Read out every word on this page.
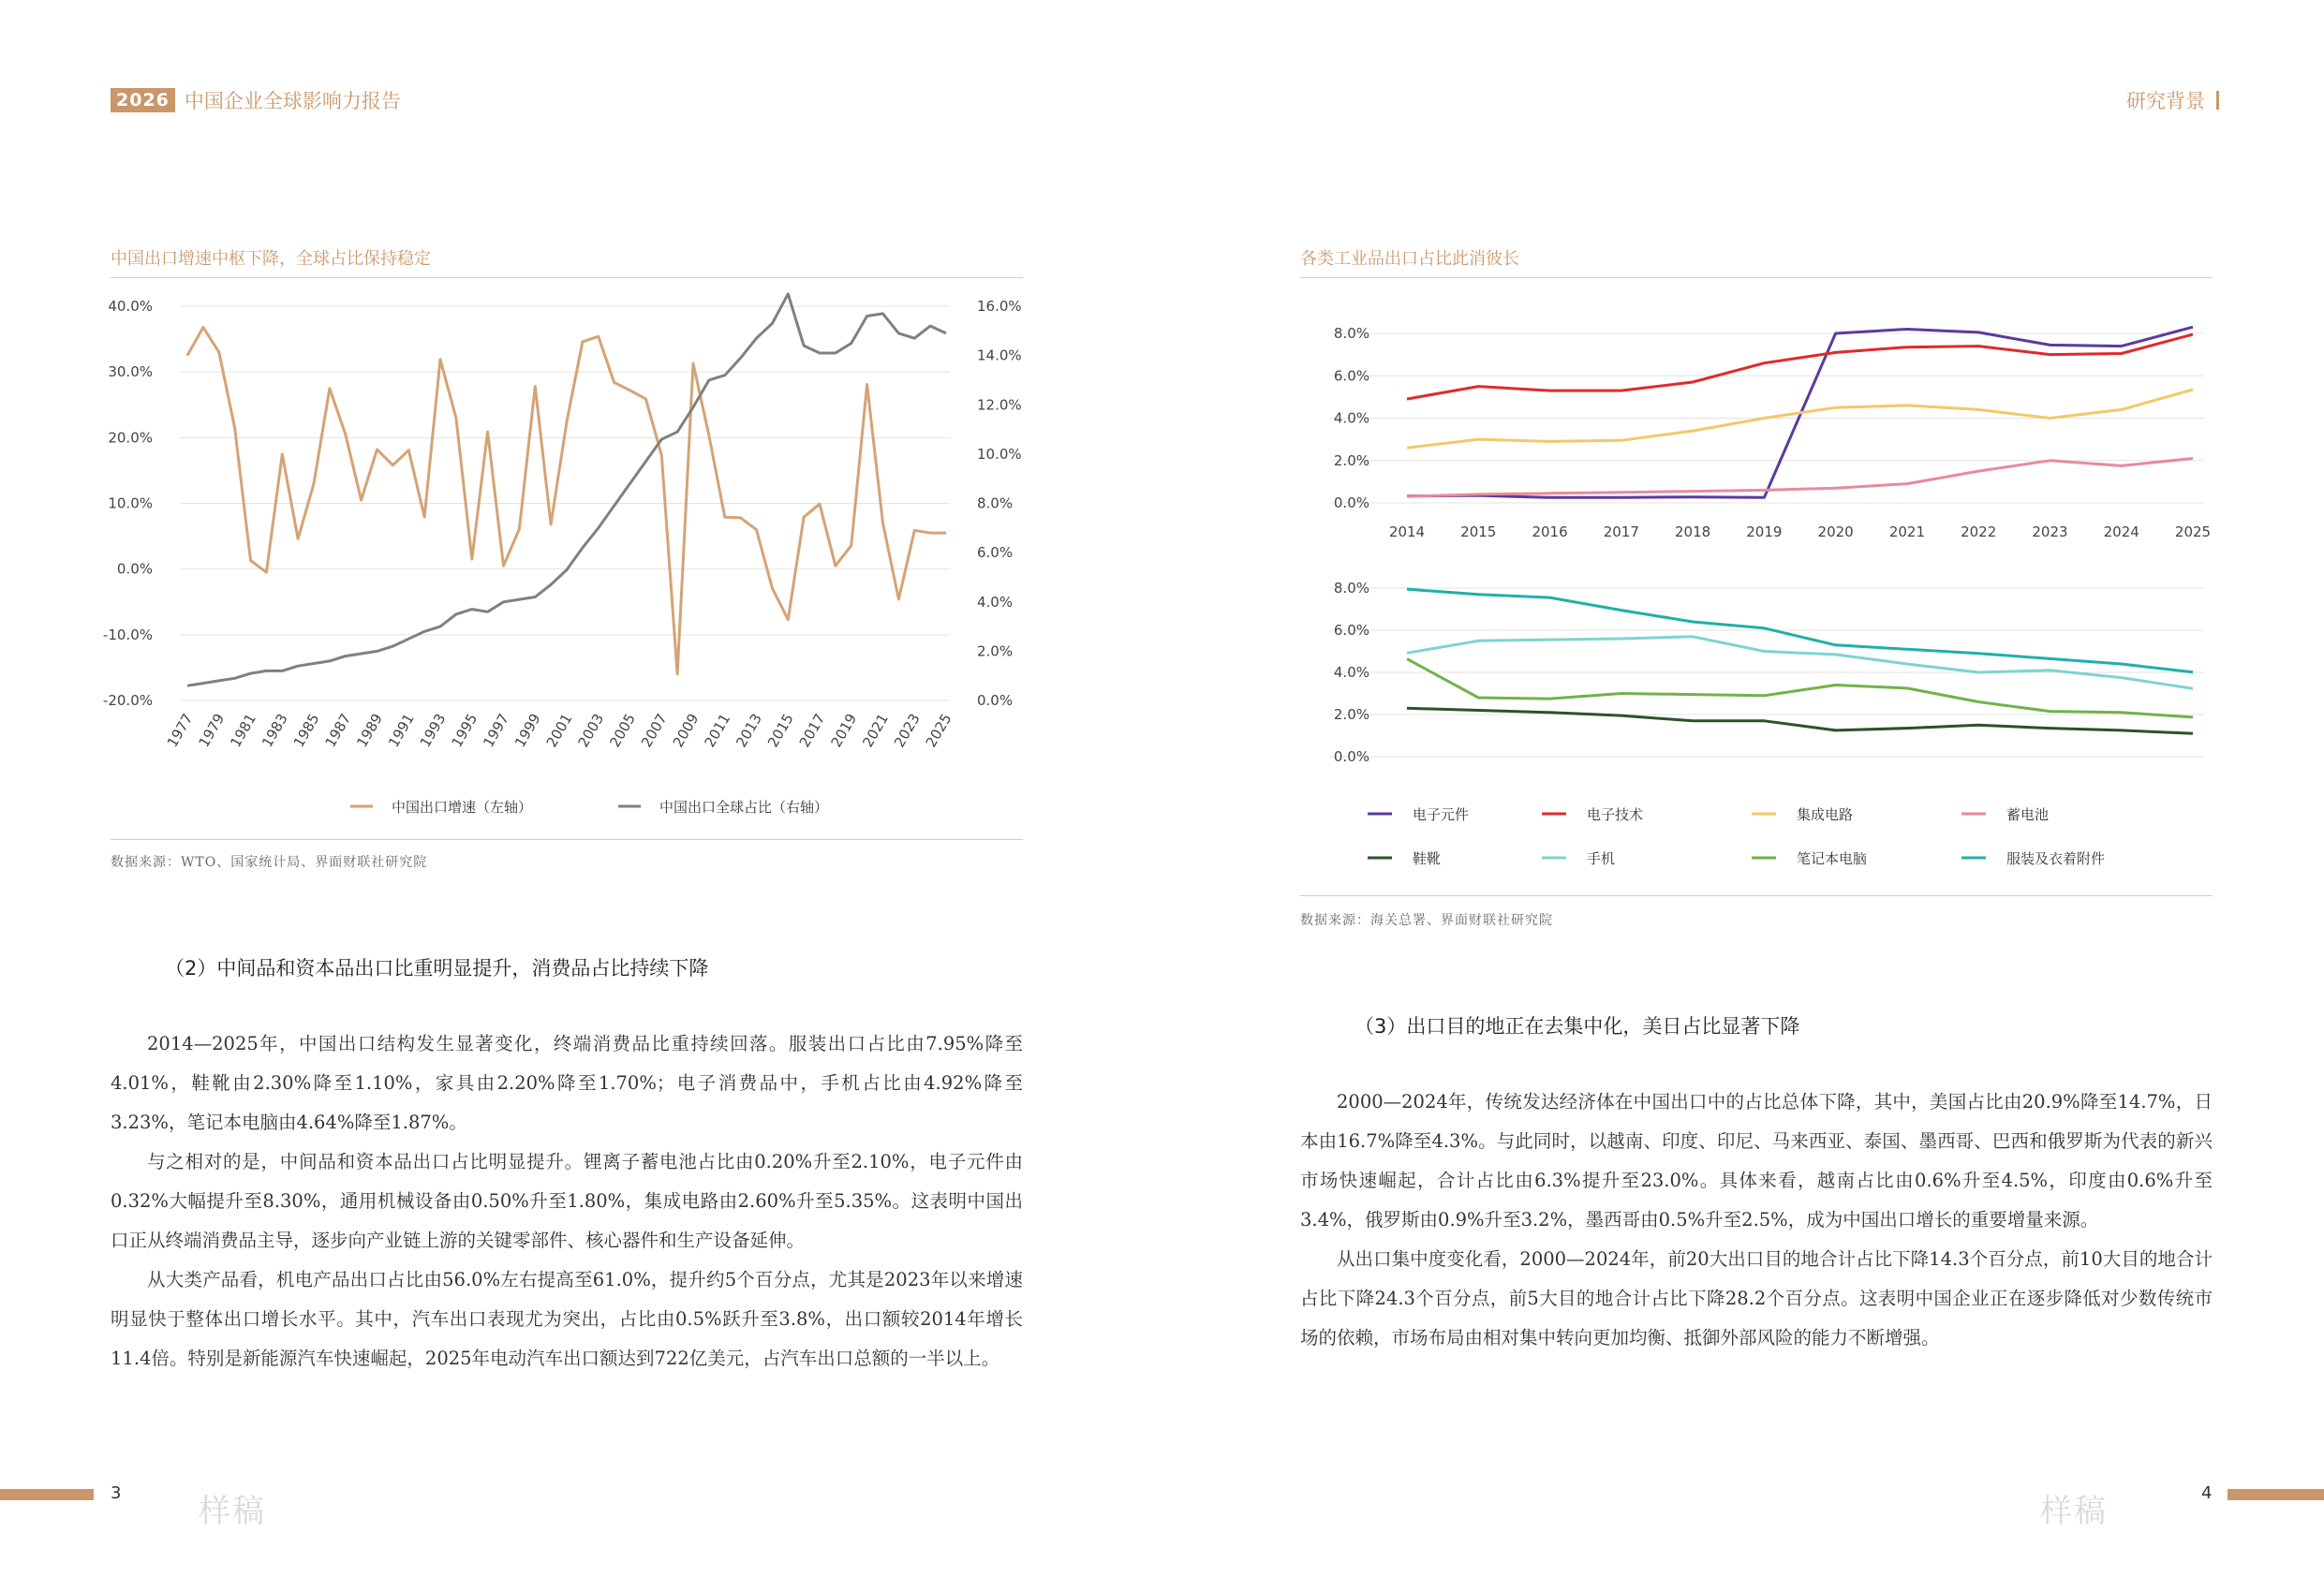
2026 中国企业全球影响力报告	研究背景
中国出口增速中枢下降，全球占比保持稳定
40.0%
30.0%
20.0%
10.0%
0.0%
-10.0%
-20.0%
16.0%
14.0%
12.0%
10.0%
8.0%
6.0%
4.0%
2.0%
0.0%
1977 1979 1981 1983 1985 1987 1989 1991 1993 1995 1997 1999 2001 2003 2005 2007 2009 2011 2013 2015 2017 2019 2021 2023 2025
中国出口增速（左轴）	中国出口全球占比（右轴）
数据来源：WTO、国家统计局、界面财联社研究院
（2）中间品和资本品出口比重明显提升，消费品占比持续下降

2014—2025年，中国出口结构发生显著变化，终端消费品比重持续回落。服装出口占比由7.95%降至4.01%，鞋靴由2.30%降至1.10%，家具由2.20%降至1.70%；电子消费品中，手机占比由4.92%降至3.23%，笔记本电脑由4.64%降至1.87%。

与之相对的是，中间品和资本品出口占比明显提升。锂离子蓄电池占比由0.20%升至2.10%，电子元件由0.32%大幅提升至8.30%，通用机械设备由0.50%升至1.80%，集成电路由2.60%升至5.35%。这表明中国出口正从终端消费品主导，逐步向产业链上游的关键零部件、核心器件和生产设备延伸。

从大类产品看，机电产品出口占比由56.0%左右提高至61.0%，提升约5个百分点，尤其是2023年以来增速明显快于整体出口增长水平。其中，汽车出口表现尤为突出，占比由0.5%跃升至3.8%，出口额较2014年增长11.4倍。特别是新能源汽车快速崛起，2025年电动汽车出口额达到722亿美元，占汽车出口总额的一半以上。

各类工业品出口占比此消彼长
8.0%
6.0%
4.0%
2.0%
0.0%
2014	2015	2016	2017	2018	2019	2020	2021	2022	2023	2024	2025
8.0%
6.0%
4.0%
2.0%
0.0%
电子元件	电子技术	集成电路	蓄电池
鞋靴	手机	笔记本电脑	服装及衣着附件
数据来源：海关总署、界面财联社研究院
（3）出口目的地正在去集中化，美日占比显著下降

2000—2024年，传统发达经济体在中国出口中的占比总体下降，其中，美国占比由20.9%降至14.7%，日本由16.7%降至4.3%。与此同时，以越南、印度、印尼、马来西亚、泰国、墨西哥、巴西和俄罗斯为代表的新兴市场快速崛起，合计占比由6.3%提升至23.0%。具体来看，越南占比由0.6%升至4.5%，印度由0.6%升至3.4%，俄罗斯由0.9%升至3.2%，墨西哥由0.5%升至2.5%，成为中国出口增长的重要增量来源。

从出口集中度变化看，2000—2024年，前20大出口目的地合计占比下降14.3个百分点，前10大目的地合计占比下降24.3个百分点，前5大目的地合计占比下降28.2个百分点。这表明中国企业正在逐步降低对少数传统市场的依赖，市场布局由相对集中转向更加均衡、抵御外部风险的能力不断增强。

3 样稿	样稿	4
